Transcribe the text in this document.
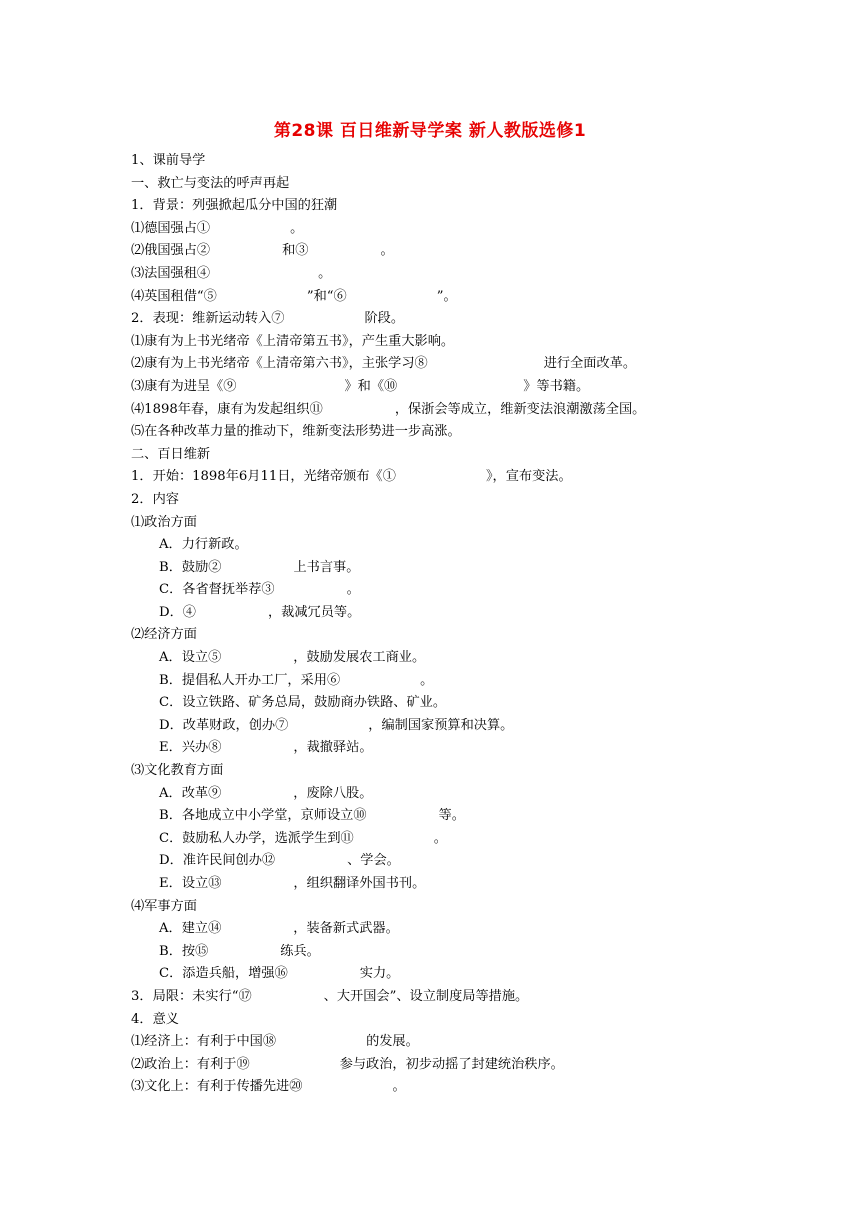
第28课 百日维新导学案 新人教版选修1
1、课前导学
一、救亡与变法的呼声再起
1．背景：列强掀起瓜分中国的狂潮
⑴德国强占①	。
⑵俄国强占②	和③	。
⑶法国强租④	。
⑷英国租借“⑤	”和“⑥	”。
2．表现：维新运动转入⑦	阶段。
⑴康有为上书光绪帝《上清帝第五书》，产生重大影响。
⑵康有为上书光绪帝《上清帝第六书》，主张学习⑧	进行全面改革。
⑶康有为进呈《⑨	》和《⑩	》等书籍。
⑷1898年春，康有为发起组织⑪	，保浙会等成立，维新变法浪潮激荡全国。
⑸在各种改革力量的推动下，维新变法形势进一步高涨。
二、百日维新
1．开始：1898年6月11日，光绪帝颁布《①	》，宣布变法。
2．内容
⑴政治方面
A．力行新政。
B．鼓励②	上书言事。
C．各省督抚举荐③	。
D．④	，裁减冗员等。
⑵经济方面
A．设立⑤	，鼓励发展农工商业。
B．提倡私人开办工厂，采用⑥	。
C．设立铁路、矿务总局，鼓励商办铁路、矿业。
D．改革财政，创办⑦	，编制国家预算和决算。
E．兴办⑧	，裁撤驿站。
⑶文化教育方面
A．改革⑨	，废除八股。
B．各地成立中小学堂，京师设立⑩	等。
C．鼓励私人办学，选派学生到⑪	。
D．准许民间创办⑫	、学会。
E．设立⑬	，组织翻译外国书刊。
⑷军事方面
A．建立⑭	，装备新式武器。
B．按⑮	练兵。
C．添造兵船，增强⑯	实力。
3．局限：未实行“⑰	、大开国会”、设立制度局等措施。
4．意义
⑴经济上：有利于中国⑱	的发展。
⑵政治上：有利于⑲	参与政治，初步动摇了封建统治秩序。
⑶文化上：有利于传播先进⑳	。
